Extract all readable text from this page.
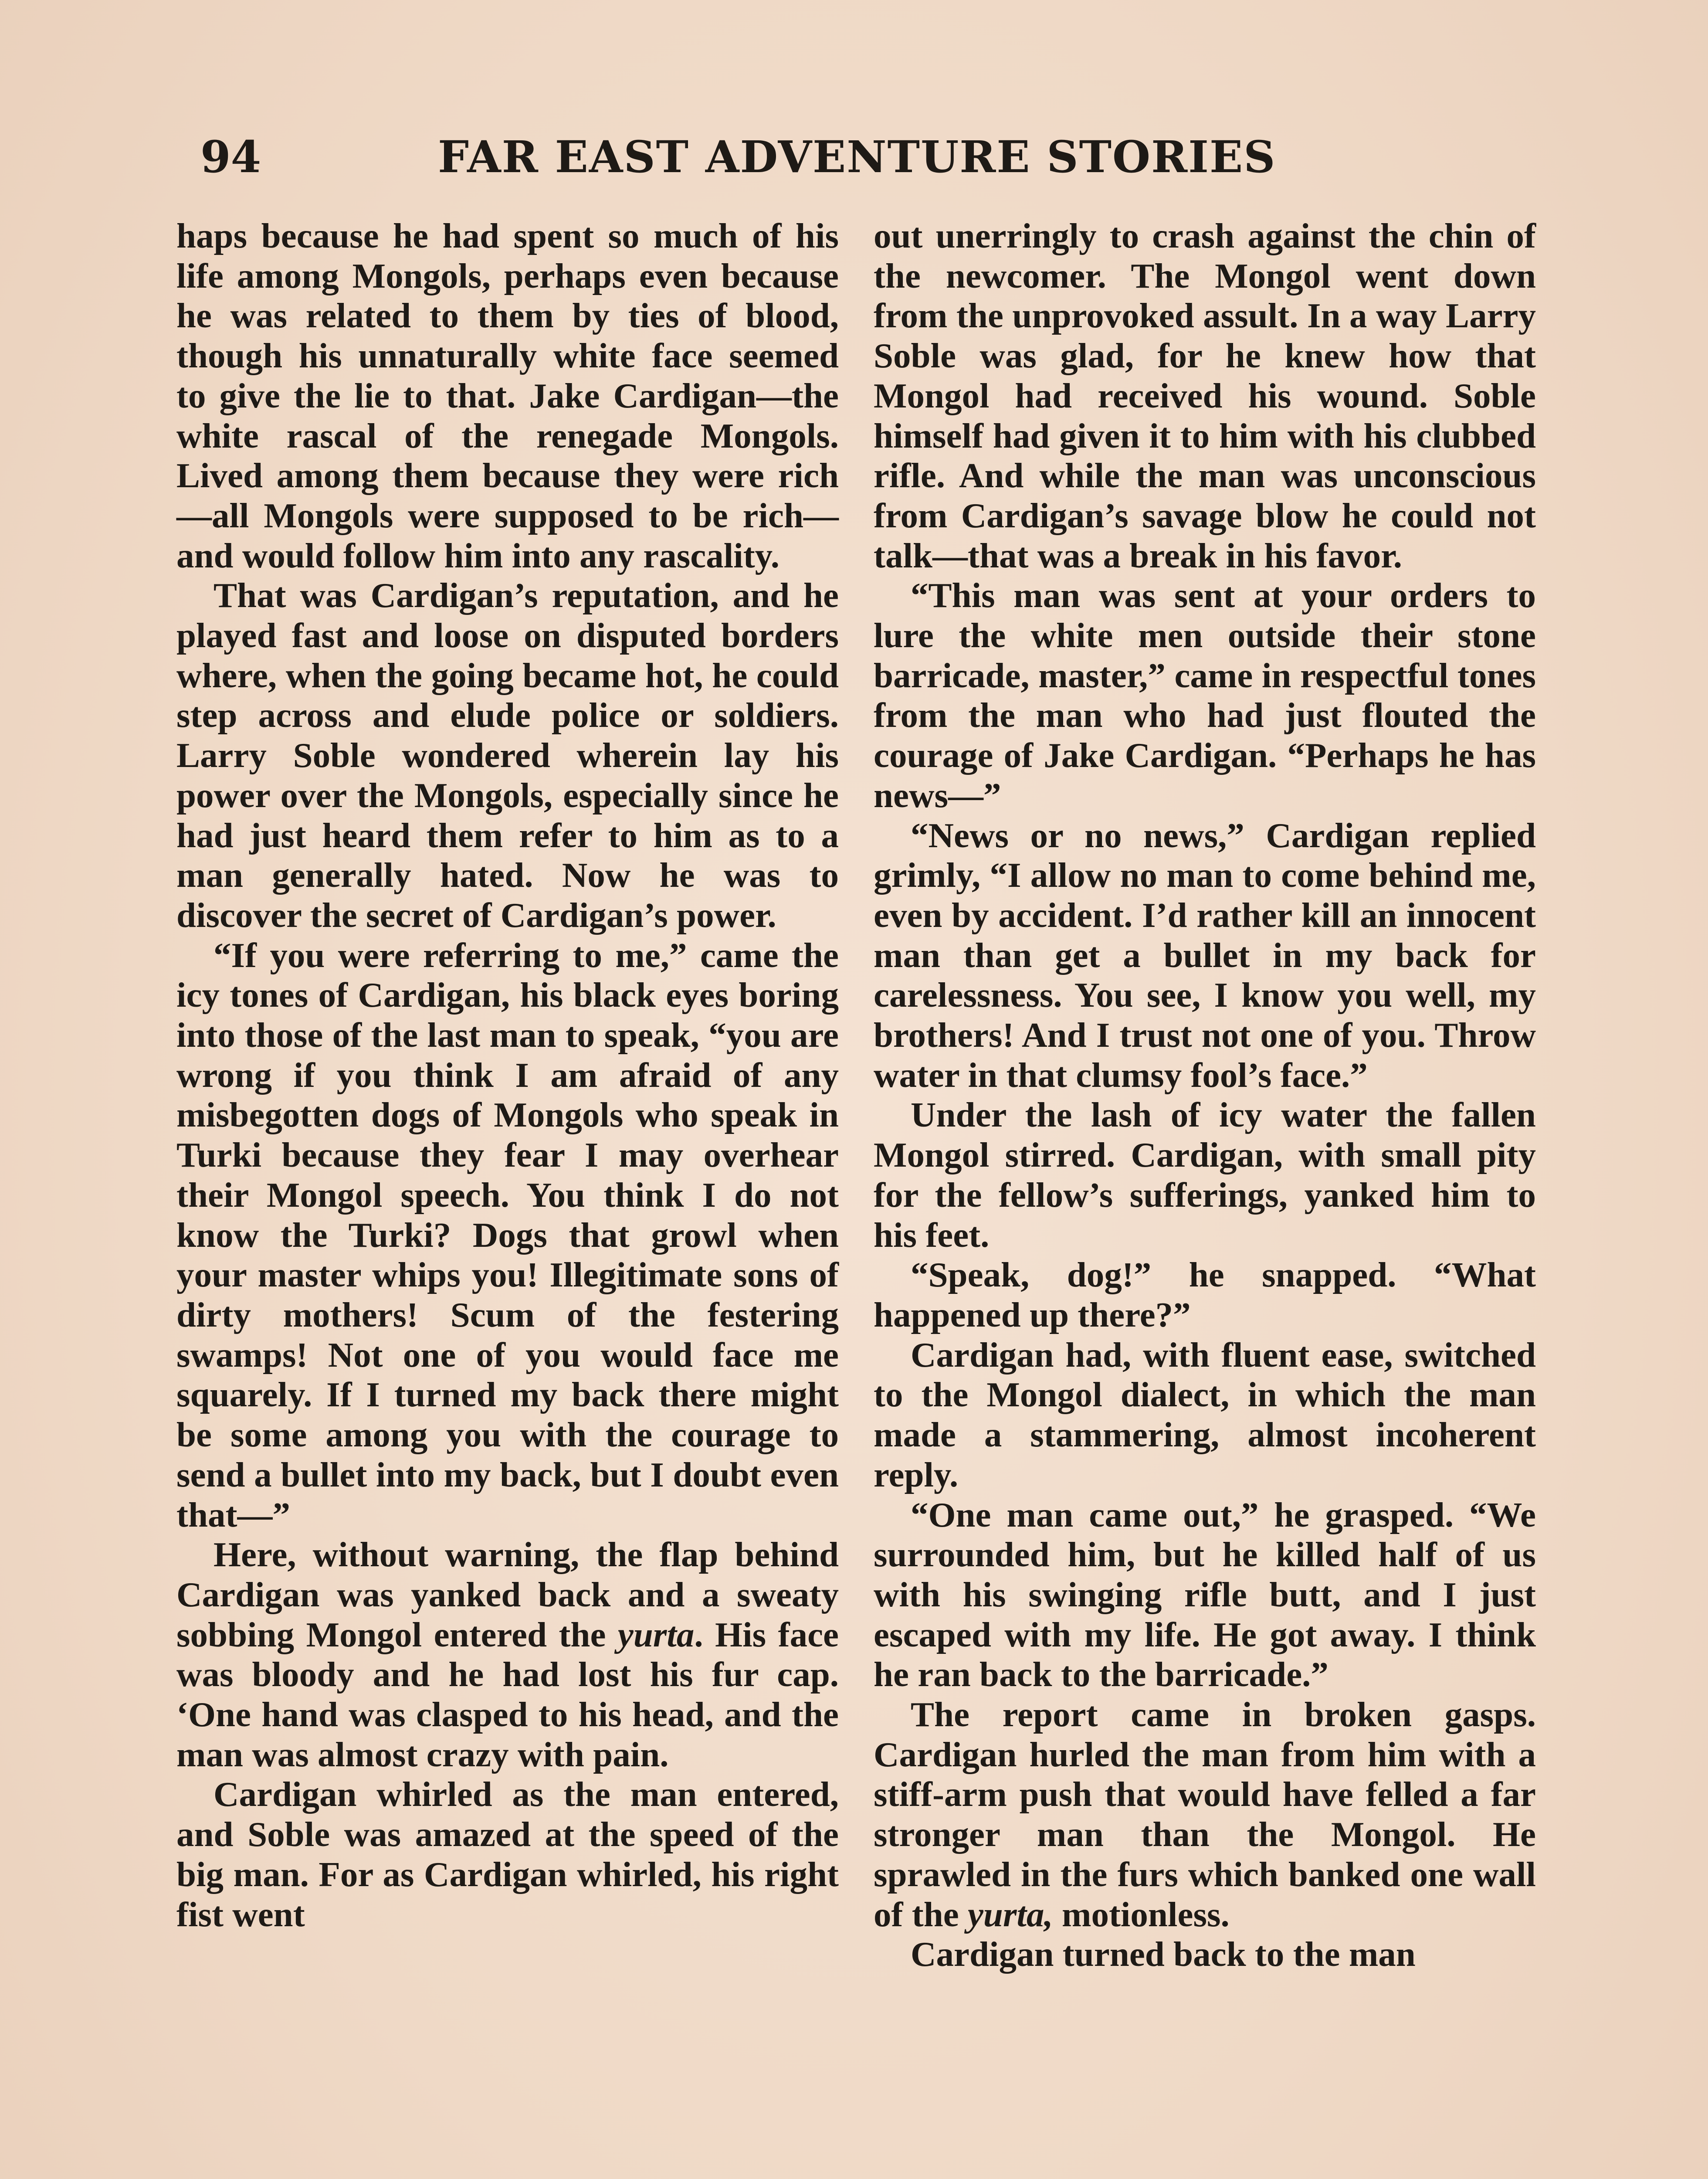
94	FAR EAST ADVENTURE STORIES

haps because he had spent so much of his life among Mongols, perhaps even because he was related to them by ties of blood, though his unnaturally white face seemed to give the lie to that. Jake Cardigan—the white rascal of the renegade Mongols. Lived among them because they were rich—all Mongols were supposed to be rich—and would follow him into any rascality.

That was Cardigan’s reputation, and he played fast and loose on disputed borders where, when the going became hot, he could step across and elude police or soldiers. Larry Soble wondered wherein lay his power over the Mongols, especially since he had just heard them refer to him as to a man generally hated. Now he was to discover the secret of Cardigan’s power.

“If you were referring to me,” came the icy tones of Cardigan, his black eyes boring into those of the last man to speak, “you are wrong if you think I am afraid of any misbegotten dogs of Mongols who speak in Turki because they fear I may overhear their Mongol speech. You think I do not know the Turki? Dogs that growl when your master whips you! Illegitimate sons of dirty mothers! Scum of the festering swamps! Not one of you would face me squarely. If I turned my back there might be some among you with the courage to send a bullet into my back, but I doubt even that—”

Here, without warning, the flap behind Cardigan was yanked back and a sweaty sobbing Mongol entered the yurta. His face was bloody and he had lost his fur cap. ‘One hand was clasped to his head, and the man was almost crazy with pain.

Cardigan whirled as the man entered, and Soble was amazed at the speed of the big man. For as Cardigan whirled, his right fist went

out unerringly to crash against the chin of the newcomer. The Mongol went down from the unprovoked assult. In a way Larry Soble was glad, for he knew how that Mongol had received his wound. Soble himself had given it to him with his clubbed rifle. And while the man was unconscious from Cardigan’s savage blow he could not talk—that was a break in his favor.

“This man was sent at your orders to lure the white men outside their stone barricade, master,” came in respectful tones from the man who had just flouted the courage of Jake Cardigan. “Perhaps he has news—”

“News or no news,” Cardigan replied grimly, “I allow no man to come behind me, even by accident. I’d rather kill an innocent man than get a bullet in my back for carelessness. You see, I know you well, my brothers! And I trust not one of you. Throw water in that clumsy fool’s face.”

Under the lash of icy water the fallen Mongol stirred. Cardigan, with small pity for the fellow’s sufferings, yanked him to his feet.

“Speak, dog!” he snapped. “What happened up there?”

Cardigan had, with fluent ease, switched to the Mongol dialect, in which the man made a stammering, almost incoherent reply.

“One man came out,” he grasped. “We surrounded him, but he killed half of us with his swinging rifle butt, and I just escaped with my life. He got away. I think he ran back to the barricade.”

The report came in broken gasps. Cardigan hurled the man from him with a stiff-arm push that would have felled a far stronger man than the Mongol. He sprawled in the furs which banked one wall of the yurta, motionless.

Cardigan turned back to the man
